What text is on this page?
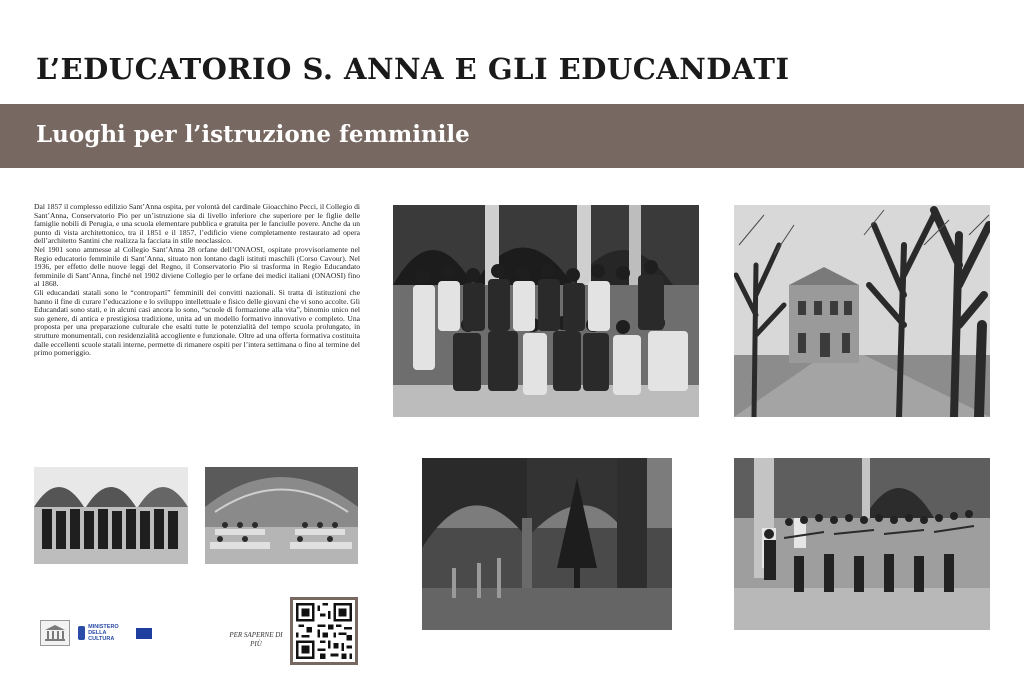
L’EDUCATORIO S. ANNA E GLI EDUCANDATI
Luoghi per l’istruzione femminile

Dal 1857 il complesso edilizio Sant’Anna ospita, per volontà del cardinale Gioacchino Pecci, il Collegio di Sant’Anna, Conservatorio Pio per un’istruzione sia di livello inferiore che superiore per le figlie delle famiglie nobili di Perugia, e una scuola elementare pubblica e gratuita per le fanciulle povere. Anche da un punto di vista architettonico, tra il 1851 e il 1857, l’edificio viene completamente restaurato ad opera dell’architetto Santini che realizza la facciata in stile neoclassico.

Nel 1901 sono ammesse al Collegio Sant’Anna 28 orfane dell’ONAOSI, ospitate provvisoriamente nel Regio educatorio femminile di Sant’Anna, situato non lontano dagli istituti maschili (Corso Cavour). Nel 1936, per effetto delle nuove leggi del Regno, il Conservatorio Pio si trasforma in Regio Educandato femminile di Sant’Anna, finché nel 1902 diviene Collegio per le orfane dei medici italiani (ONAOSI) fino al 1868.

Gli educandati statali sono le “contropartì” femminili dei convitti nazionali. Si tratta di istituzioni che hanno il fine di curare l’educazione e lo sviluppo intellettuale e fisico delle giovani che vi sono accolte. Gli Educandati sono stati, e in alcuni casi ancora lo sono, “scuole di formazione alla vita”, binomio unico nel suo genere, di antica e prestigiosa tradizione, unita ad un modello formativo innovativo e completo. Una proposta per una preparazione culturale che esalti tutte le potenzialità del tempo scuola prolungato, in strutture monumentali, con residenzialità accogliente e funzionale. Oltre ad una offerta formativa costituita dalle eccellenti scuole statali interne, permette di rimanere ospiti per l’intera settimana o fino al termine del primo pomeriggio.

MINISTERO DELLA CULTURA	PER SAPERNE DI PIÙ
